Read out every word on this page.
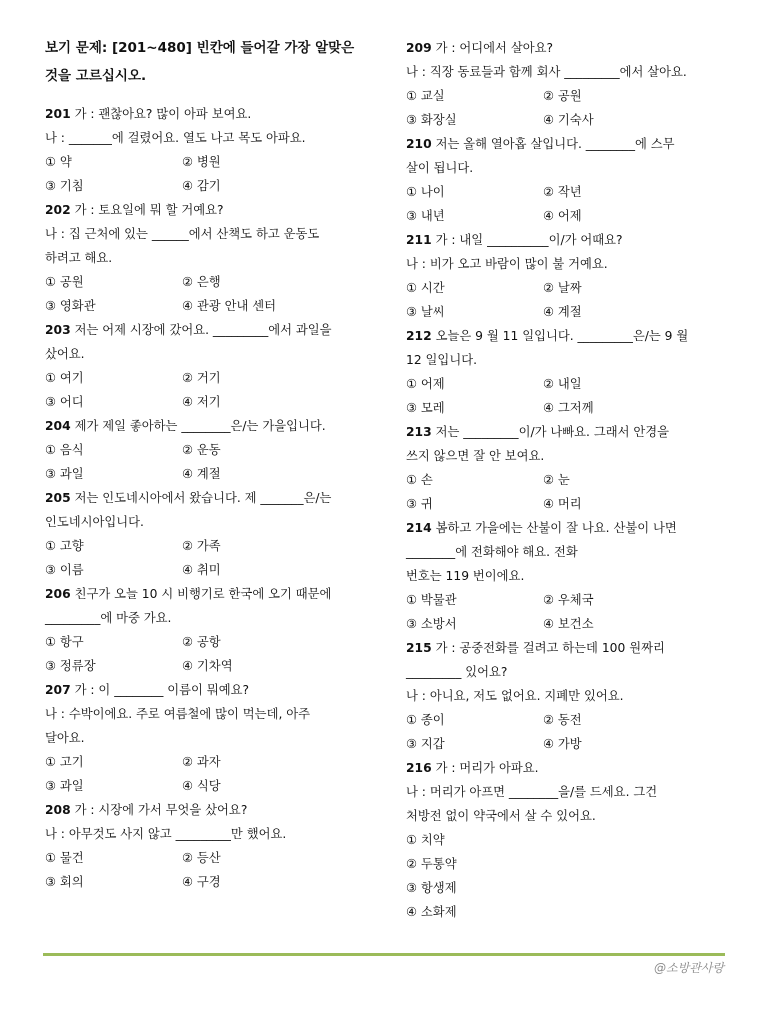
보기 문제: [201~480] 빈칸에 들어갈 가장 알맞은
것을 고르십시오.
201 가 : 괜찮아요? 많이 아파 보여요.
나 : _______에 걸렸어요. 열도 나고 목도 아파요.
① 약	② 병원
③ 기침	④ 감기
202 가 : 토요일에 뭐 할 거예요?
나 : 집 근처에 있는 ______에서 산책도 하고 운동도
하려고 해요.
① 공원	② 은행
③ 영화관	④ 관광 안내 센터
203 저는 어제 시장에 갔어요. _________에서 과일을
샀어요.
① 여기	② 거기
③ 어디	④ 저기
204 제가 제일 좋아하는 ________은/는 가을입니다.
① 음식	② 운동
③ 과일	④ 계절
205 저는 인도네시아에서 왔습니다. 제 _______은/는
인도네시아입니다.
① 고향	② 가족
③ 이름	④ 취미
206 친구가 오늘 10 시 비행기로 한국에 오기 때문에
_________에 마중 가요.
① 항구	② 공항
③ 정류장	④ 기차역
207 가 : 이 ________ 이름이 뭐예요?
나 : 수박이에요. 주로 여름철에 많이 먹는데, 아주
달아요.
① 고기	② 과자
③ 과일	④ 식당
208 가 : 시장에 가서 무엇을 샀어요?
나 : 아무것도 사지 않고 _________만 했어요.
① 물건	② 등산
③ 회의	④ 구경
209 가 : 어디에서 살아요?
나 : 직장 동료들과 함께 회사 _________에서 살아요.
① 교실	② 공원
③ 화장실	④ 기숙사
210 저는 올해 열아홉 살입니다. ________에 스무
살이 됩니다.
① 나이	② 작년
③ 내년	④ 어제
211 가 : 내일 __________이/가 어때요?
나 : 비가 오고 바람이 많이 불 거예요.
① 시간	② 날짜
③ 날씨	④ 계절
212 오늘은 9 월 11 일입니다. _________은/는 9 월
12 일입니다.
① 어제	② 내일
③ 모레	④ 그저께
213 저는 _________이/가 나빠요. 그래서 안경을
쓰지 않으면 잘 안 보여요.
① 손	② 눈
③ 귀	④ 머리
214 봄하고 가을에는 산불이 잘 나요. 산불이 나면
________에 전화해야 해요. 전화
번호는 119 번이에요.
① 박물관	② 우체국
③ 소방서	④ 보건소
215 가 : 공중전화를 걸려고 하는데 100 원짜리
_________ 있어요?
나 : 아니요, 저도 없어요. 지폐만 있어요.
① 종이	② 동전
③ 지갑	④ 가방
216 가 : 머리가 아파요.
나 : 머리가 아프면 ________을/를 드세요. 그건
처방전 없이 약국에서 살 수 있어요.
① 치약
② 두통약
③ 항생제
④ 소화제
@소방관사랑
